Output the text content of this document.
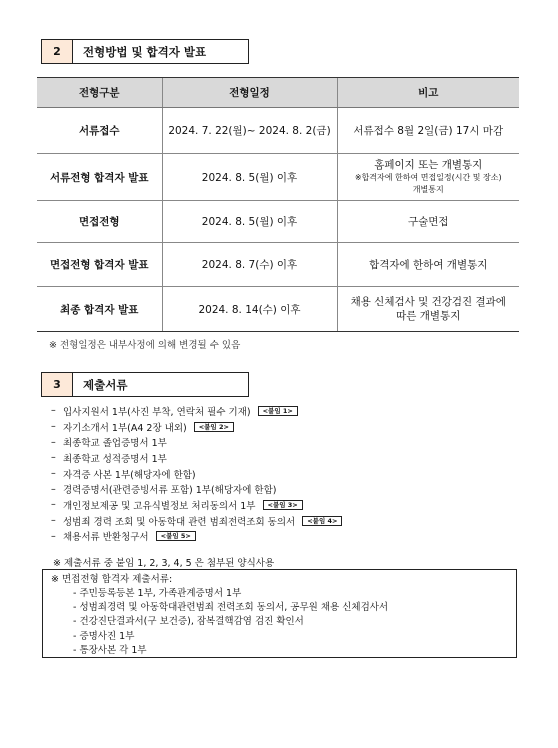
2	전형방법 및 합격자 발표
전형구분	전형일정	비고
서류접수	2024. 7. 22(월)~ 2024. 8. 2(금)	서류접수 8월 2일(금) 17시 마감
서류전형 합격자 발표	2024. 8. 5(월) 이후	홈페이지 또는 개별통지
※합격자에 한하여 면접일정(시간 및 장소)
개별통지

면접전형	2024. 8. 5(월) 이후	구술면접
면접전형 합격자 발표	2024. 8. 7(수) 이후	합격자에 한하여 개별통지
최종 합격자 발표	2024. 8. 14(수) 이후	채용 신체검사 및 건강검진 결과에
따른 개별통지
※ 전형일정은 내부사정에 의해 변경될 수 있음
3	제출서류
– 입사지원서 1부(사진 부착, 연락처 필수 기재)	<붙임 1>
– 자기소개서 1부(A4 2장 내외)	<붙임 2>
– 최종학교 졸업증명서 1부
– 최종학교 성적증명서 1부
– 자격증 사본 1부(해당자에 한함)
– 경력증명서(관련증빙서류 포함) 1부(해당자에 한함)
– 개인정보제공 및 고유식별정보 처리동의서 1부	<붙임 3>
– 성범죄 경력 조회 및 아동학대 관련 범죄전력조회 동의서	<붙임 4>
– 채용서류 반환청구서	<붙임 5>
※ 제출서류 중 붙임 1, 2, 3, 4, 5 은 첨부된 양식사용
※ 면접전형 합격자 제출서류:
- 주민등록등본 1부, 가족관계증명서 1부
- 성범죄경력 및 아동학대관련범죄 전력조회 동의서, 공무원 채용 신체검사서
- 건강진단결과서(구 보건증), 잠복결핵감염 검진 확인서
- 증명사진 1부
- 통장사본 각 1부
